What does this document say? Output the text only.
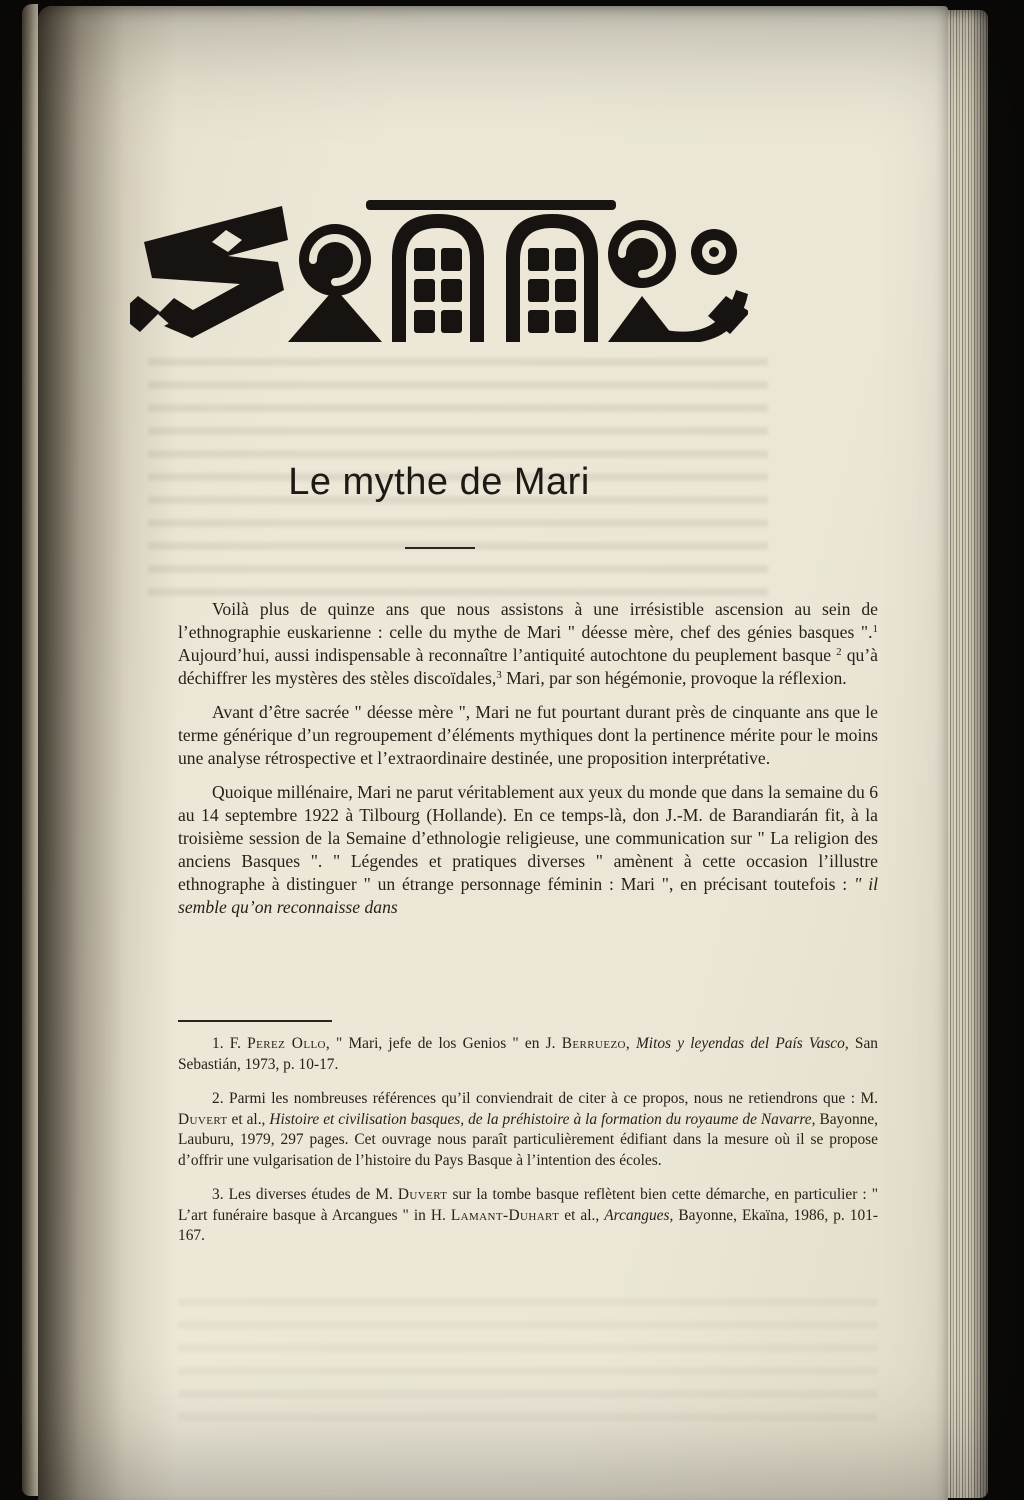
Le mythe de Mari

Voilà plus de quinze ans que nous assistons à une irrésistible ascension au sein de l’ethnographie euskarienne : celle du mythe de Mari " déesse mère, chef des génies basques ".$^1$ Aujourd’hui, aussi indispensable à reconnaître l’antiquité autochtone du peuplement basque $^2$ qu’à déchiffrer les mystères des stèles discoïdales,$^3$ Mari, par son hégémonie, provoque la réflexion.

Avant d’être sacrée " déesse mère ", Mari ne fut pourtant durant près de cinquante ans que le terme générique d’un regroupement d’éléments mythiques dont la pertinence mérite pour le moins une analyse rétrospective et l’extraordinaire destinée, une proposition interprétative.

Quoique millénaire, Mari ne parut véritablement aux yeux du monde que dans la semaine du 6 au 14 septembre 1922 à Tilbourg (Hollande). En ce temps-là, don J.-M. de Barandiarán fit, à la troisième session de la Semaine d’ethnologie religieuse, une communication sur " La religion des anciens Basques ". " Légendes et pratiques diverses " amènent à cette occasion l’illustre ethnographe à distinguer " un étrange personnage féminin : Mari ", en précisant toutefois : " il semble qu’on reconnaisse dans

1. F. Perez Ollo, " Mari, jefe de los Genios " en J. Berruezo, Mitos y leyendas del País Vasco, San Sebastián, 1973, p. 10-17.

2. Parmi les nombreuses références qu’il conviendrait de citer à ce propos, nous ne retiendrons que : M. Duvert et al., Histoire et civilisation basques, de la préhistoire à la formation du royaume de Navarre, Bayonne, Lauburu, 1979, 297 pages. Cet ouvrage nous paraît particulièrement édifiant dans la mesure où il se propose d’offrir une vulgarisation de l’histoire du Pays Basque à l’intention des écoles.

3. Les diverses études de M. Duvert sur la tombe basque reflètent bien cette démarche, en particulier : " L’art funéraire basque à Arcangues " in H. Lamant-Duhart et al., Arcangues, Bayonne, Ekaïna, 1986, p. 101-167.
